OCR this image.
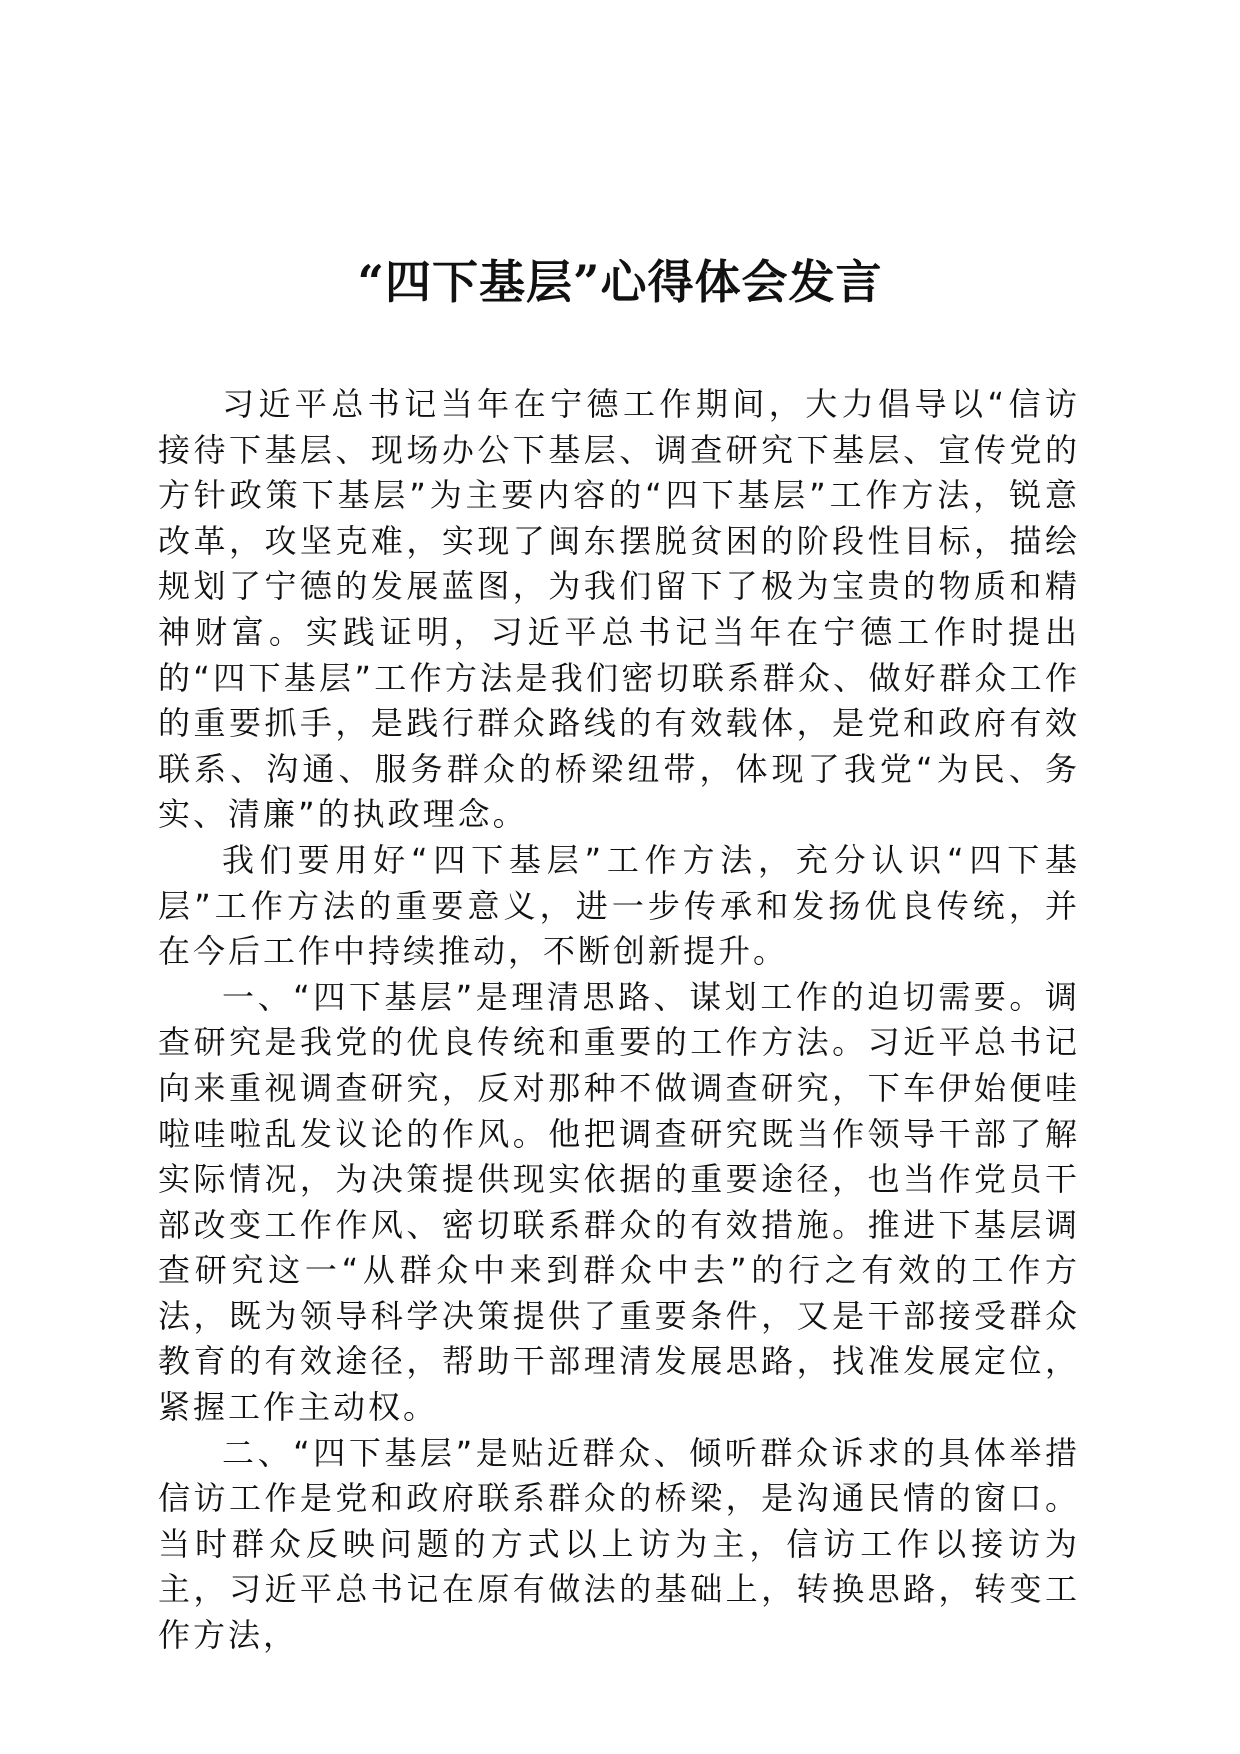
“四下基层”心得体会发言

习近平总书记当年在宁德工作期间，大力倡导以“信访接待下基层、现场办公下基层、调查研究下基层、宣传党的方针政策下基层”为主要内容的“四下基层”工作方法，锐意改革，攻坚克难，实现了闽东摆脱贫困的阶段性目标，描绘规划了宁德的发展蓝图，为我们留下了极为宝贵的物质和精神财富。实践证明，习近平总书记当年在宁德工作时提出的“四下基层”工作方法是我们密切联系群众、做好群众工作的重要抓手，是践行群众路线的有效载体，是党和政府有效联系、沟通、服务群众的桥梁纽带，体现了我党“为民、务实、清廉”的执政理念。

我们要用好“四下基层”工作方法，充分认识“四下基层”工作方法的重要意义，进一步传承和发扬优良传统，并在今后工作中持续推动，不断创新提升。

一、“四下基层”是理清思路、谋划工作的迫切需要。调查研究是我党的优良传统和重要的工作方法。习近平总书记向来重视调查研究，反对那种不做调查研究，下车伊始便哇啦哇啦乱发议论的作风。他把调查研究既当作领导干部了解实际情况，为决策提供现实依据的重要途径，也当作党员干部改变工作作风、密切联系群众的有效措施。推进下基层调查研究这一“从群众中来到群众中去”的行之有效的工作方法，既为领导科学决策提供了重要条件，又是干部接受群众教育的有效途径，帮助干部理清发展思路，找准发展定位，紧握工作主动权。

二、“四下基层”是贴近群众、倾听群众诉求的具体举措信访工作是党和政府联系群众的桥梁，是沟通民情的窗口。当时群众反映问题的方式以上访为主，信访工作以接访为主，习近平总书记在原有做法的基础上，转换思路，转变工作方法，
